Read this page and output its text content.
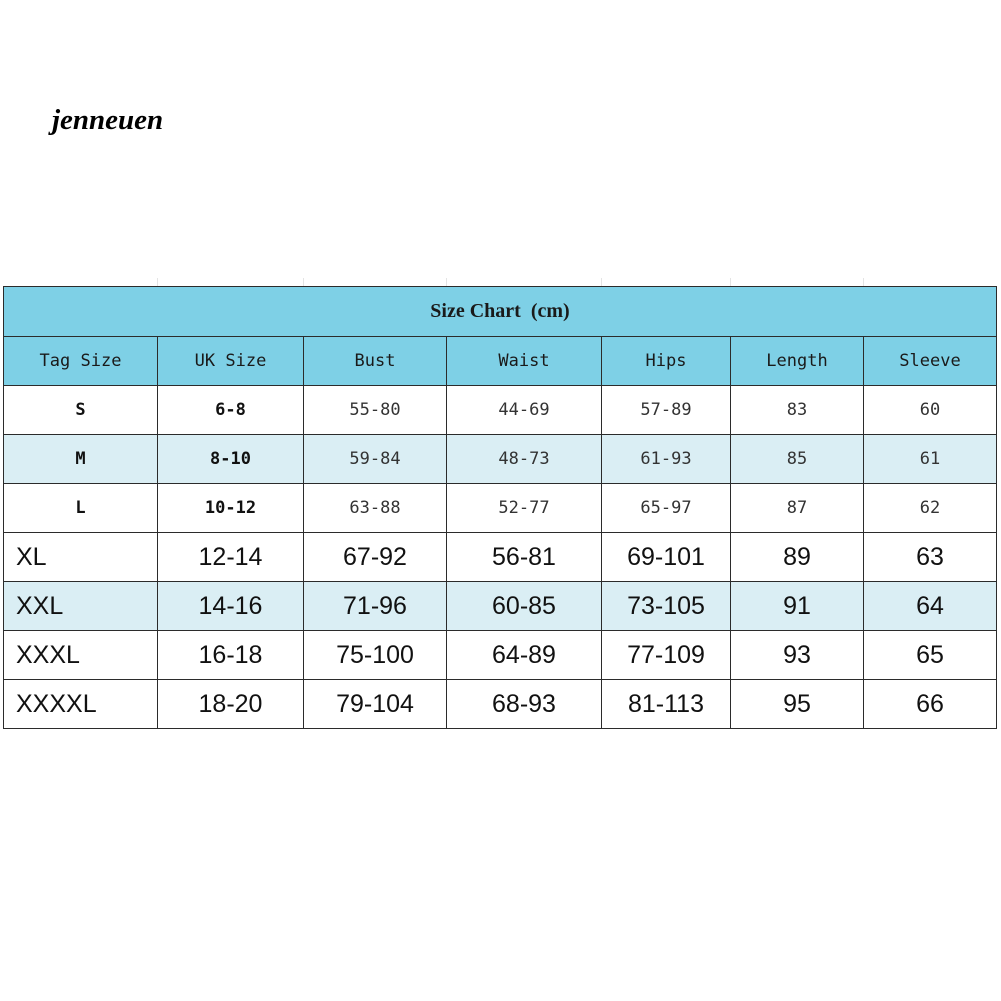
jenneuen
Size Chart  (cm)						
Tag Size	UK Size	Bust	Waist	Hips	Length	Sleeve
S	6-8	55-80	44-69	57-89	83	60
M	8-10	59-84	48-73	61-93	85	61
L	10-12	63-88	52-77	65-97	87	62
XL	12-14	67-92	56-81	69-101	89	63
XXL	14-16	71-96	60-85	73-105	91	64
XXXL	16-18	75-100	64-89	77-109	93	65
XXXXL	18-20	79-104	68-93	81-113	95	66
